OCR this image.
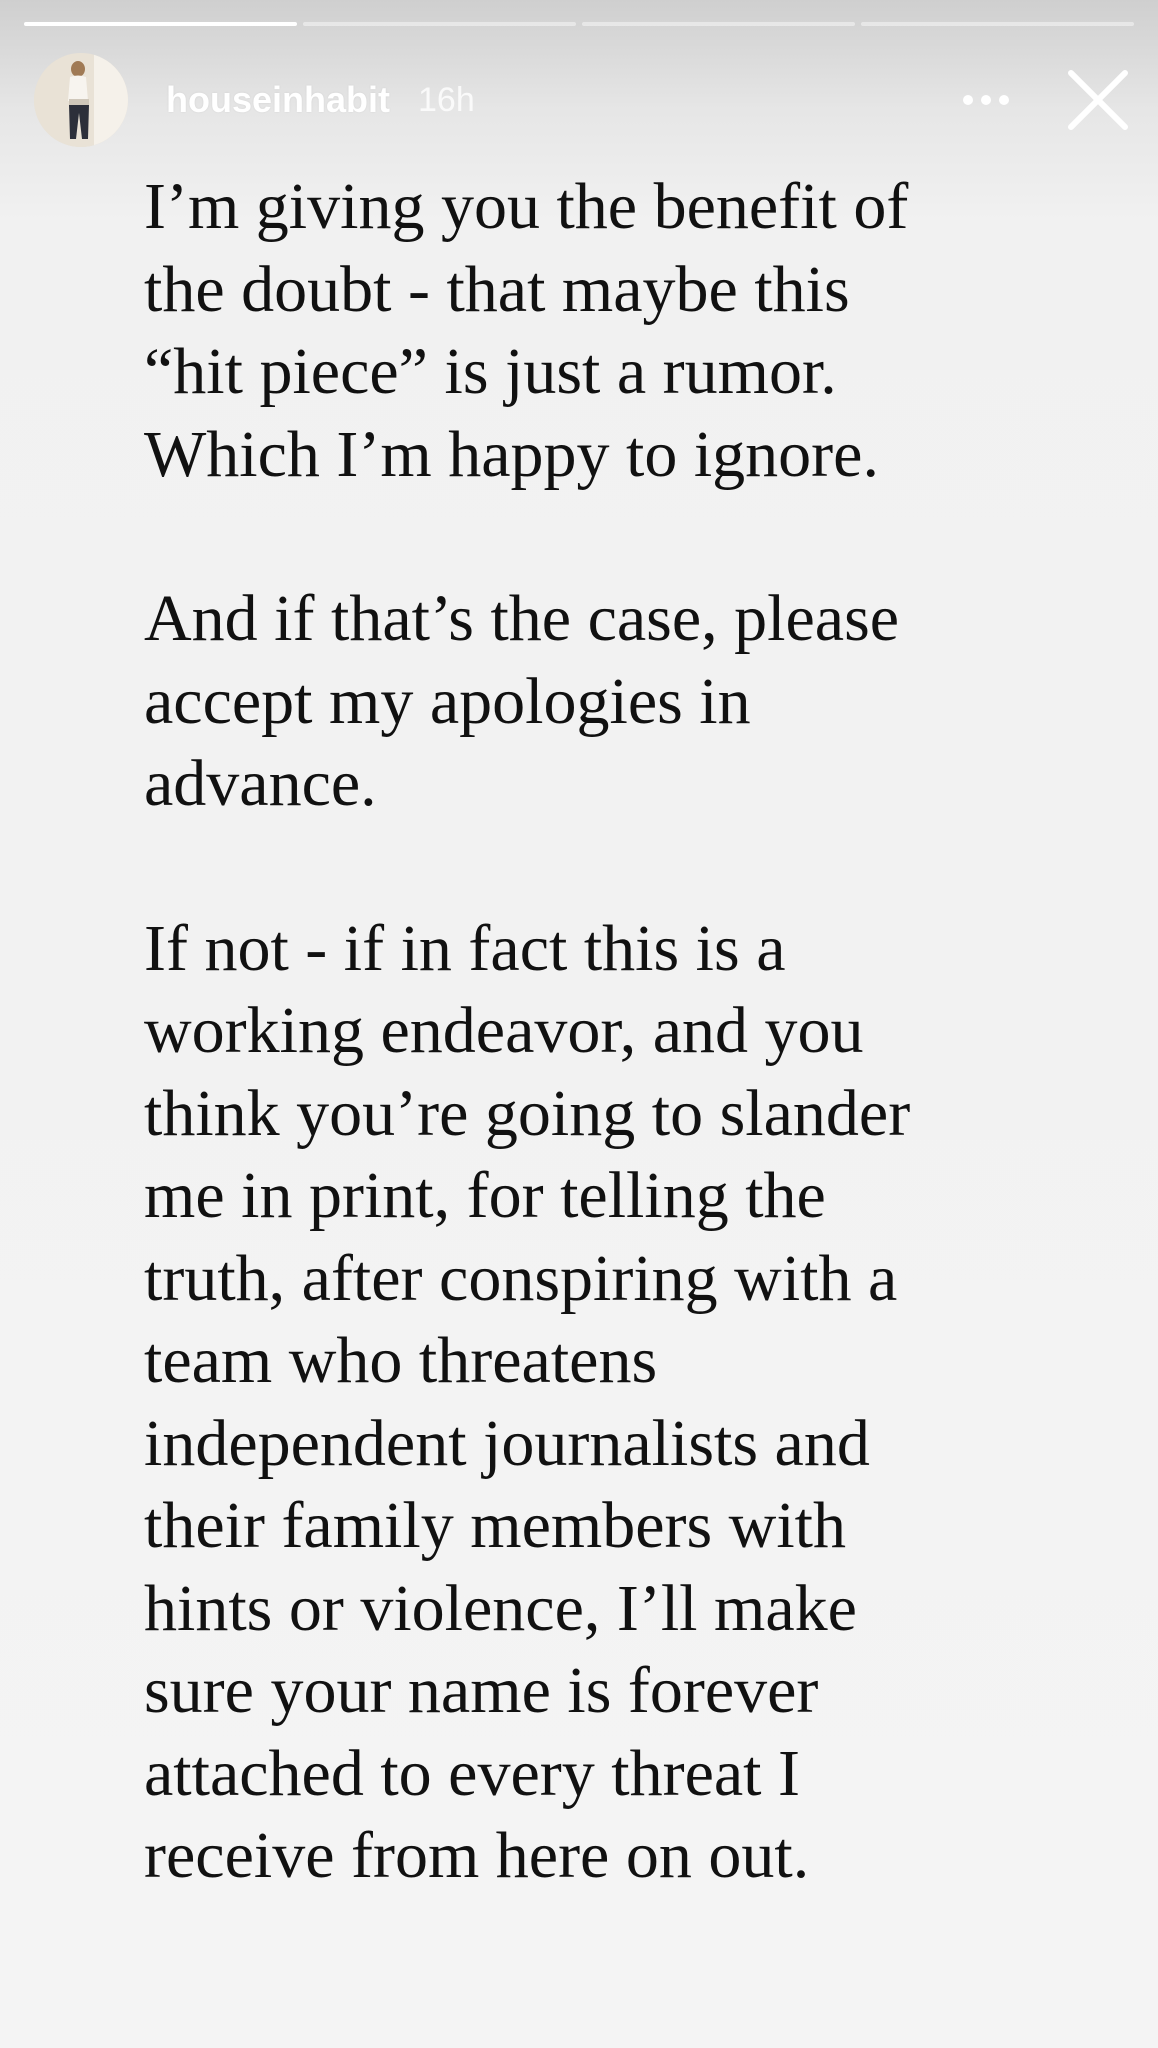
houseinhabit 16h

I’m giving you the benefit of
the doubt - that maybe this
“hit piece” is just a rumor.
Which I’m happy to ignore.

And if that’s the case, please
accept my apologies in
advance.

If not - if in fact this is a
working endeavor, and you
think you’re going to slander
me in print, for telling the
truth, after conspiring with a
team who threatens
independent journalists and
their family members with
hints or violence, I’ll make
sure your name is forever
attached to every threat I
receive from here on out.
